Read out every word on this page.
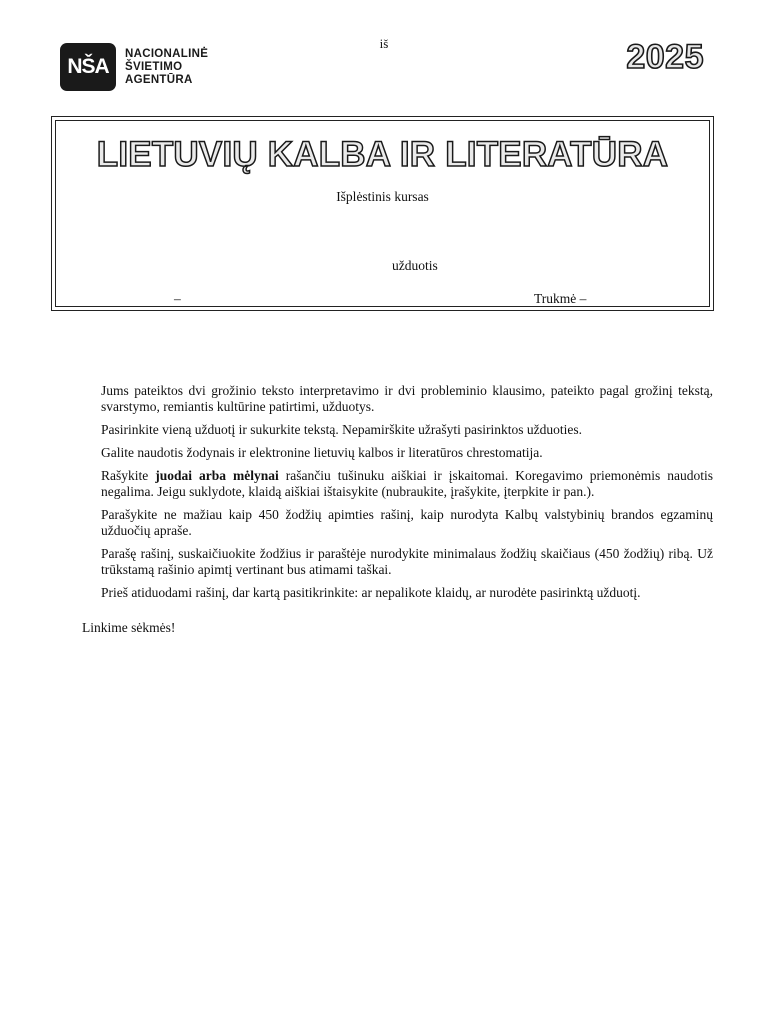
iš
NŠA
NACIONALINĖ
ŠVIETIMO
AGENTŪRA
2025
LIETUVIŲ KALBA IR LITERATŪRA
Išplėstinis kursas
užduotis
–	Trukmė –

Jums pateiktos dvi grožinio teksto interpretavimo ir dvi probleminio klausimo, pateikto pagal grožinį tekstą, svarstymo, remiantis kultūrine patirtimi, užduotys.

Pasirinkite vieną užduotį ir sukurkite tekstą. Nepamirškite užrašyti pasirinktos užduoties.

Galite naudotis žodynais ir elektronine lietuvių kalbos ir literatūros chrestomatija.

Rašykite juodai arba mėlynai rašančiu tušinuku aiškiai ir įskaitomai. Koregavimo priemonėmis naudotis negalima. Jeigu suklydote, klaidą aiškiai ištaisykite (nubraukite, įrašykite, įterpkite ir pan.).

Parašykite ne mažiau kaip 450 žodžių apimties rašinį, kaip nurodyta Kalbų valstybinių brandos egzaminų užduočių apraše.

Parašę rašinį, suskaičiuokite žodžius ir paraštėje nurodykite minimalaus žodžių skaičiaus (450 žodžių) ribą. Už trūkstamą rašinio apimtį vertinant bus atimami taškai.

Prieš atiduodami rašinį, dar kartą pasitikrinkite: ar nepalikote klaidų, ar nurodėte pasirinktą užduotį.

Linkime sėkmės!
